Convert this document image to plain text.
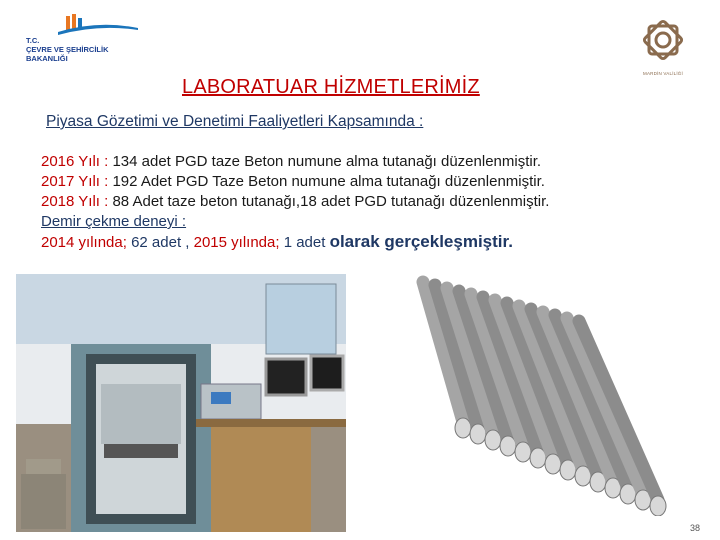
T.C.
ÇEVRE VE ŞEHİRCİLİK
BAKANLIĞI
MARDİN VALİLİĞİ
LABORATUAR HİZMETLERİMİZ
Piyasa Gözetimi ve Denetimi Faaliyetleri Kapsamında :
2016 Yılı : 134 adet PGD taze Beton numune alma tutanağı düzenlenmiştir.
2017 Yılı : 192 Adet PGD Taze Beton numune alma tutanağı düzenlenmiştir.
2018 Yılı : 88 Adet taze beton tutanağı,18 adet PGD tutanağı düzenlenmiştir.
Demir çekme deneyi :
2014 yılında; 62 adet , 2015 yılında; 1 adet olarak gerçekleşmiştir.
38
